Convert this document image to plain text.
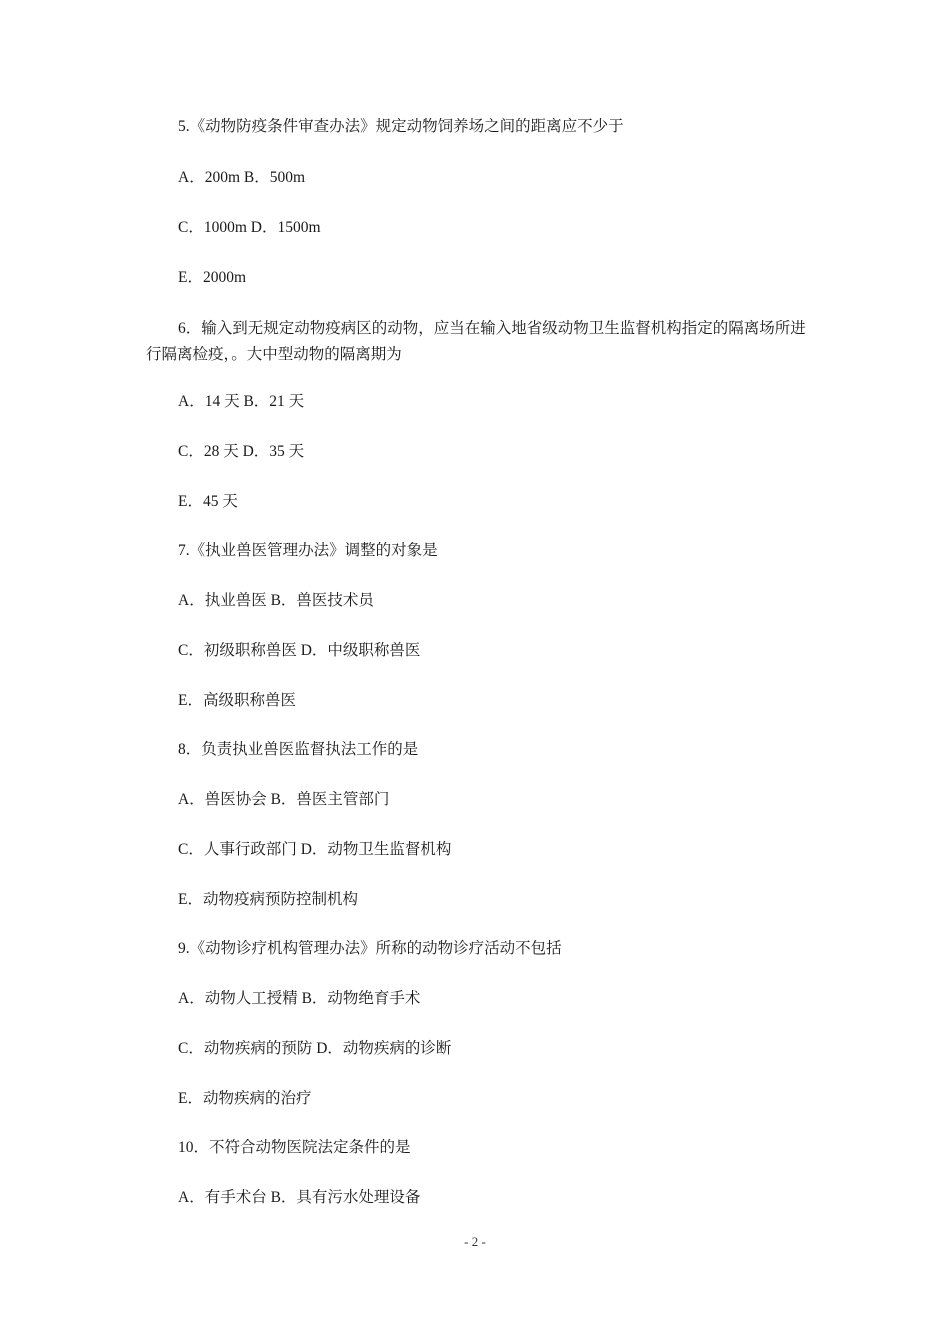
5.《动物防疫条件审查办法》规定动物饲养场之间的距离应不少于
A．200m B．500m
C．1000m D．1500m
E．2000m
6．输入到无规定动物疫病区的动物，应当在输入地省级动物卫生监督机构指定的隔离场所进行隔离检疫，。大中型动物的隔离期为
A．14 天 B．21 天
C．28 天 D．35 天
E．45 天
7.《执业兽医管理办法》调整的对象是
A．执业兽医 B．兽医技术员
C．初级职称兽医 D．中级职称兽医
E．高级职称兽医
8．负责执业兽医监督执法工作的是
A．兽医协会 B．兽医主管部门
C．人事行政部门 D．动物卫生监督机构
E．动物疫病预防控制机构
9.《动物诊疗机构管理办法》所称的动物诊疗活动不包括
A．动物人工授精 B．动物绝育手术
C．动物疾病的预防 D．动物疾病的诊断
E．动物疾病的治疗
10．不符合动物医院法定条件的是
A．有手术台 B．具有污水处理设备
- 2 -
